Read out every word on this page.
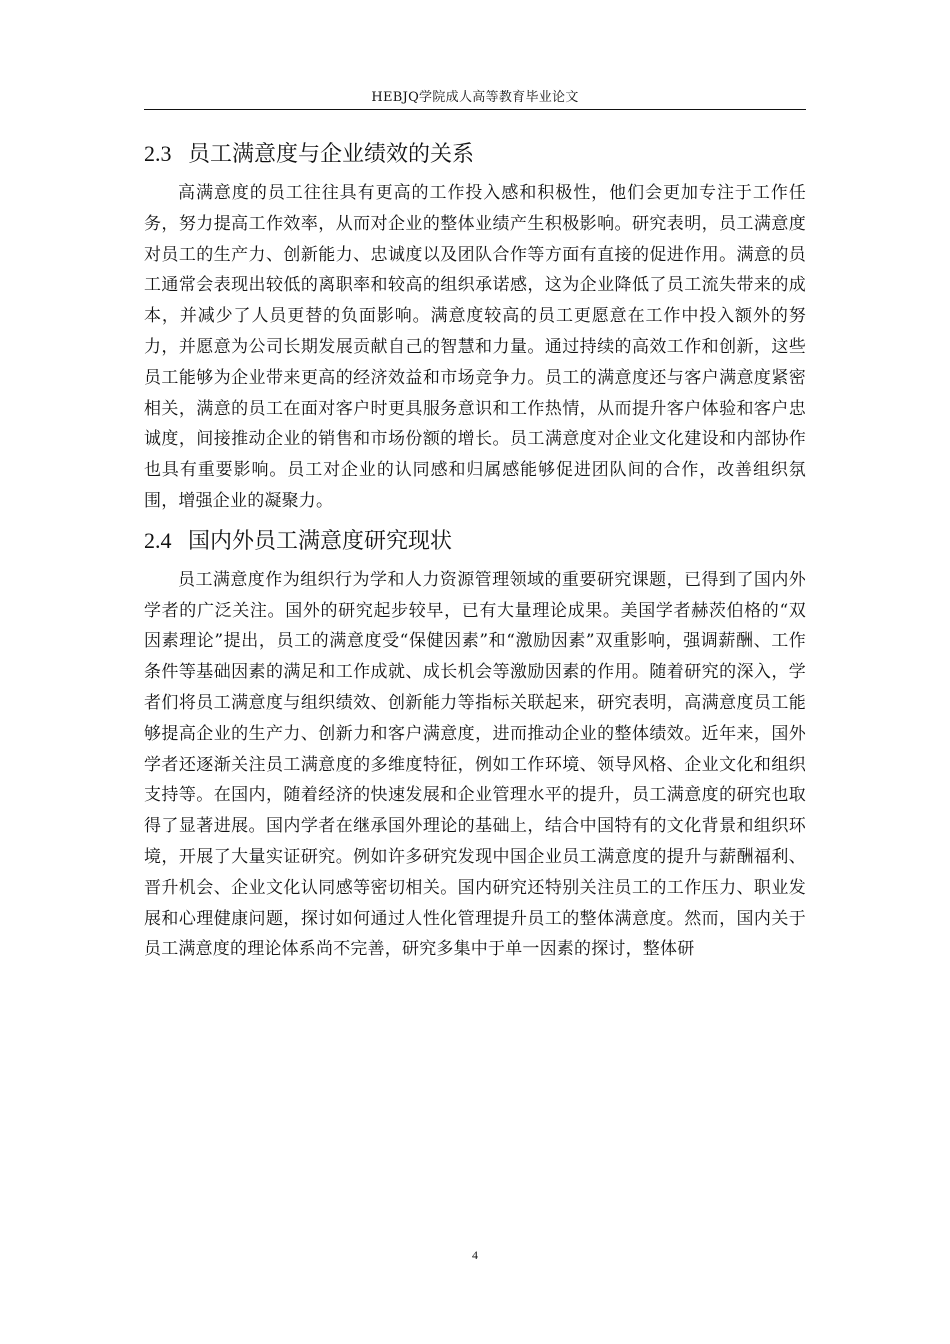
HEBJQ学院成人高等教育毕业论文
2.3 员工满意度与企业绩效的关系

高满意度的员工往往具有更高的工作投入感和积极性，他们会更加专注于工作任务，努力提高工作效率，从而对企业的整体业绩产生积极影响。研究表明，员工满意度对员工的生产力、创新能力、忠诚度以及团队合作等方面有直接的促进作用。满意的员工通常会表现出较低的离职率和较高的组织承诺感，这为企业降低了员工流失带来的成本，并减少了人员更替的负面影响。满意度较高的员工更愿意在工作中投入额外的努力，并愿意为公司长期发展贡献自己的智慧和力量。通过持续的高效工作和创新，这些员工能够为企业带来更高的经济效益和市场竞争力。员工的满意度还与客户满意度紧密相关，满意的员工在面对客户时更具服务意识和工作热情，从而提升客户体验和客户忠诚度，间接推动企业的销售和市场份额的增长。员工满意度对企业文化建设和内部协作也具有重要影响。员工对企业的认同感和归属感能够促进团队间的合作，改善组织氛围，增强企业的凝聚力。

2.4 国内外员工满意度研究现状

员工满意度作为组织行为学和人力资源管理领域的重要研究课题，已得到了国内外学者的广泛关注。国外的研究起步较早，已有大量理论成果。美国学者赫茨伯格的“双因素理论”提出，员工的满意度受“保健因素”和“激励因素”双重影响，强调薪酬、工作条件等基础因素的满足和工作成就、成长机会等激励因素的作用。随着研究的深入，学者们将员工满意度与组织绩效、创新能力等指标关联起来，研究表明，高满意度员工能够提高企业的生产力、创新力和客户满意度，进而推动企业的整体绩效。近年来，国外学者还逐渐关注员工满意度的多维度特征，例如工作环境、领导风格、企业文化和组织支持等。在国内，随着经济的快速发展和企业管理水平的提升，员工满意度的研究也取得了显著进展。国内学者在继承国外理论的基础上，结合中国特有的文化背景和组织环境，开展了大量实证研究。例如许多研究发现中国企业员工满意度的提升与薪酬福利、晋升机会、企业文化认同感等密切相关。国内研究还特别关注员工的工作压力、职业发展和心理健康问题，探讨如何通过人性化管理提升员工的整体满意度。然而，国内关于员工满意度的理论体系尚不完善，研究多集中于单一因素的探讨，整体研

4
